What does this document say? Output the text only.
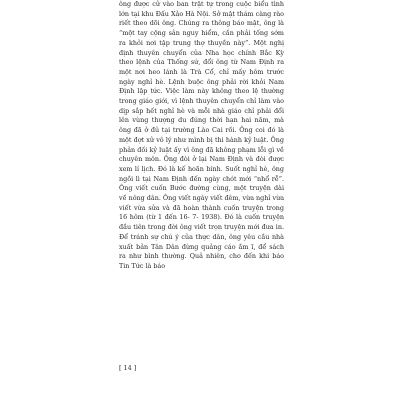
ông được cử vào ban trật tự trong cuộc biểu tình lớn tại khu Đấu Xảo Hà Nội. Sở mật thám càng rào riết theo dõi ông. Chúng ra thông báo mật, ông là “một tay cộng sản nguy hiểm, cần phải tống sớm ra khỏi nơi tập trung thợ thuyền này”. Một nghị định thuyên chuyển của Nha học chính Bắc Kỳ theo lệnh của Thống sứ, đổi ông từ Nam Định ra một nơi heo lánh là Trà Cổ, chỉ mấy hôm trước ngày nghỉ hè. Lệnh buộc ông phải rời khỏi Nam Định lập tức. Việc làm này không theo lệ thường trong giáo giới, vì lệnh thuyên chuyển chỉ làm vào dịp sắp hết nghỉ hè và mỗi nhà giáo chỉ phải đổi lên vùng thượng du đúng thời hạn hai năm, mà ông đã ở đủ tại trường Lào Cai rồi. Ông coi đó là một đợt xử vô lý như mình bị thi hành kỷ luật. Ông phản đối kỷ luật ấy vì ông đã không phạm lỗi gì về chuyên môn. Ông đòi ở lại Nam Định và đòi được xem lí lịch. Đó là kế hoãn binh. Suốt nghỉ hè, ông ngồi lì tại Nam Định đến ngày chót mới “nhổ rễ”. Ông viết cuốn Bước đường cùng, một truyện dài về nông dân. Ông viết ngày viết đêm, vừa nghỉ vừa viết vừa sửa và đã hoàn thành cuốn truyện trong 16 hôm (từ 1 đến 16- 7- 1938). Đó là cuốn truyện đầu tiên trong đời ông viết trọn truyện mới đưa in. Để tránh sự chú ý của thực dân, ông yêu cầu nhà xuất bản Tân Dân đừng quảng cáo ầm ĩ, để sách ra như bình thường. Quả nhiên, cho đến khi báo Tin Tức là báo

[ 14 ]
